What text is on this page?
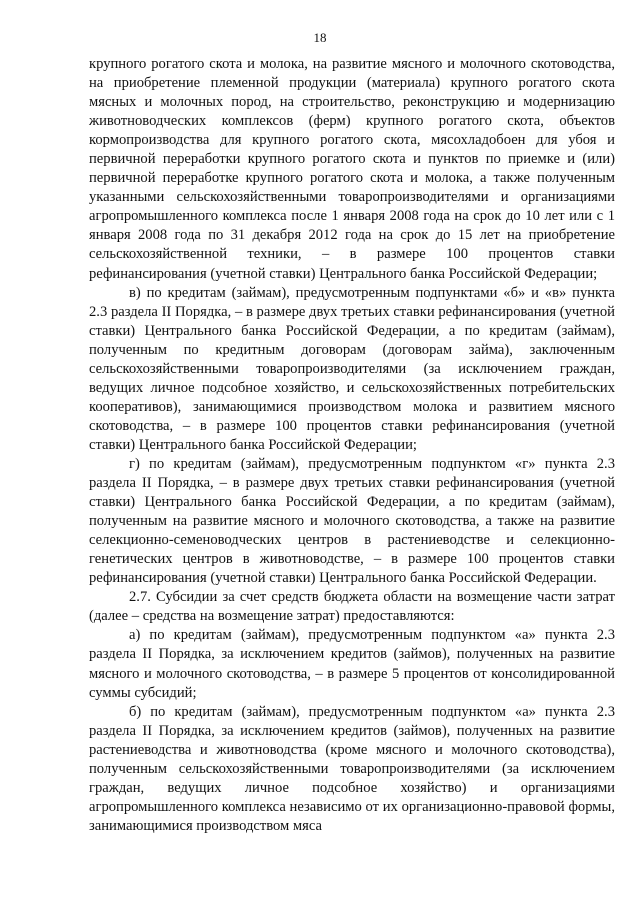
18

крупного рогатого скота и молока, на развитие мясного и молочного скотоводства, на приобретение племенной продукции (материала) крупного рогатого скота мясных и молочных пород, на строительство, реконструкцию и модернизацию животноводческих комплексов (ферм) крупного рогатого скота, объектов кормопроизводства для крупного рогатого скота, мясохладобоен для убоя и первичной переработки крупного рогатого скота и пунктов по приемке и (или) первичной переработке крупного рогатого скота и молока, а также полученным указанными сельскохозяйственными товаропроизводителями и организациями агропромышленного комплекса после 1 января 2008 года на срок до 10 лет или с 1 января 2008 года по 31 декабря 2012 года на срок до 15 лет на приобретение сельскохозяйственной техники, – в размере 100 процентов ставки рефинансирования (учетной ставки) Центрального банка Российской Федерации;

в) по кредитам (займам), предусмотренным подпунктами «б» и «в» пункта 2.3 раздела II Порядка, – в размере двух третьих ставки рефинансирования (учетной ставки) Центрального банка Российской Федерации, а по кредитам (займам), полученным по кредитным договорам (договорам займа), заключенным сельскохозяйственными товаропроизводителями (за исключением граждан, ведущих личное подсобное хозяйство, и сельскохозяйственных потребительских кооперативов), занимающимися производством молока и развитием мясного скотоводства, – в размере 100 процентов ставки рефинансирования (учетной ставки) Центрального банка Российской Федерации;

г) по кредитам (займам), предусмотренным подпунктом «г» пункта 2.3 раздела II Порядка, – в размере двух третьих ставки рефинансирования (учетной ставки) Центрального банка Российской Федерации, а по кредитам (займам), полученным на развитие мясного и молочного скотоводства, а также на развитие селекционно-семеноводческих центров в растениеводстве и селекционно-генетических центров в животноводстве, – в размере 100 процентов ставки рефинансирования (учетной ставки) Центрального банка Российской Федерации.

2.7. Субсидии за счет средств бюджета области на возмещение части затрат (далее – средства на возмещение затрат) предоставляются:

а) по кредитам (займам), предусмотренным подпунктом «а» пункта 2.3 раздела II Порядка, за исключением кредитов (займов), полученных на развитие мясного и молочного скотоводства, – в размере 5 процентов от консолидированной суммы субсидий;

б) по кредитам (займам), предусмотренным подпунктом «а» пункта 2.3 раздела II Порядка, за исключением кредитов (займов), полученных на развитие растениеводства и животноводства (кроме мясного и молочного скотоводства), полученным сельскохозяйственными товаропроизводителями (за исключением граждан, ведущих личное подсобное хозяйство) и организациями агропромышленного комплекса независимо от их организационно-правовой формы, занимающимися производством мяса
